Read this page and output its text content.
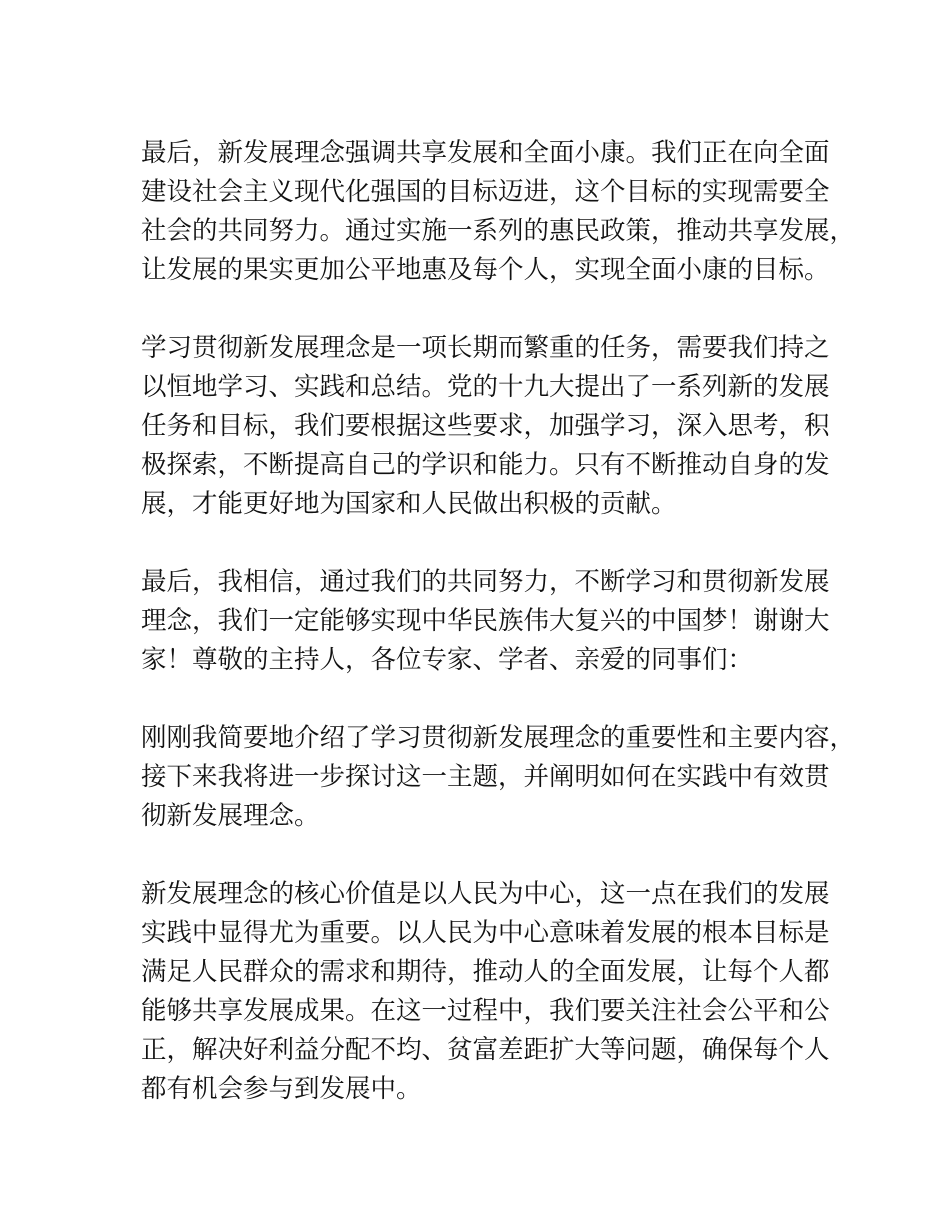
最后，新发展理念强调共享发展和全面小康。我们正在向全面
建设社会主义现代化强国的目标迈进，这个目标的实现需要全
社会的共同努力。通过实施一系列的惠民政策，推动共享发展，
让发展的果实更加公平地惠及每个人，实现全面小康的目标。

学习贯彻新发展理念是一项长期而繁重的任务，需要我们持之
以恒地学习、实践和总结。党的十九大提出了一系列新的发展
任务和目标，我们要根据这些要求，加强学习，深入思考，积
极探索，不断提高自己的学识和能力。只有不断推动自身的发
展，才能更好地为国家和人民做出积极的贡献。

最后，我相信，通过我们的共同努力，不断学习和贯彻新发展
理念，我们一定能够实现中华民族伟大复兴的中国梦！谢谢大
家！尊敬的主持人，各位专家、学者、亲爱的同事们：

刚刚我简要地介绍了学习贯彻新发展理念的重要性和主要内容，
接下来我将进一步探讨这一主题，并阐明如何在实践中有效贯
彻新发展理念。

新发展理念的核心价值是以人民为中心，这一点在我们的发展
实践中显得尤为重要。以人民为中心意味着发展的根本目标是
满足人民群众的需求和期待，推动人的全面发展，让每个人都
能够共享发展成果。在这一过程中，我们要关注社会公平和公
正，解决好利益分配不均、贫富差距扩大等问题，确保每个人
都有机会参与到发展中。
